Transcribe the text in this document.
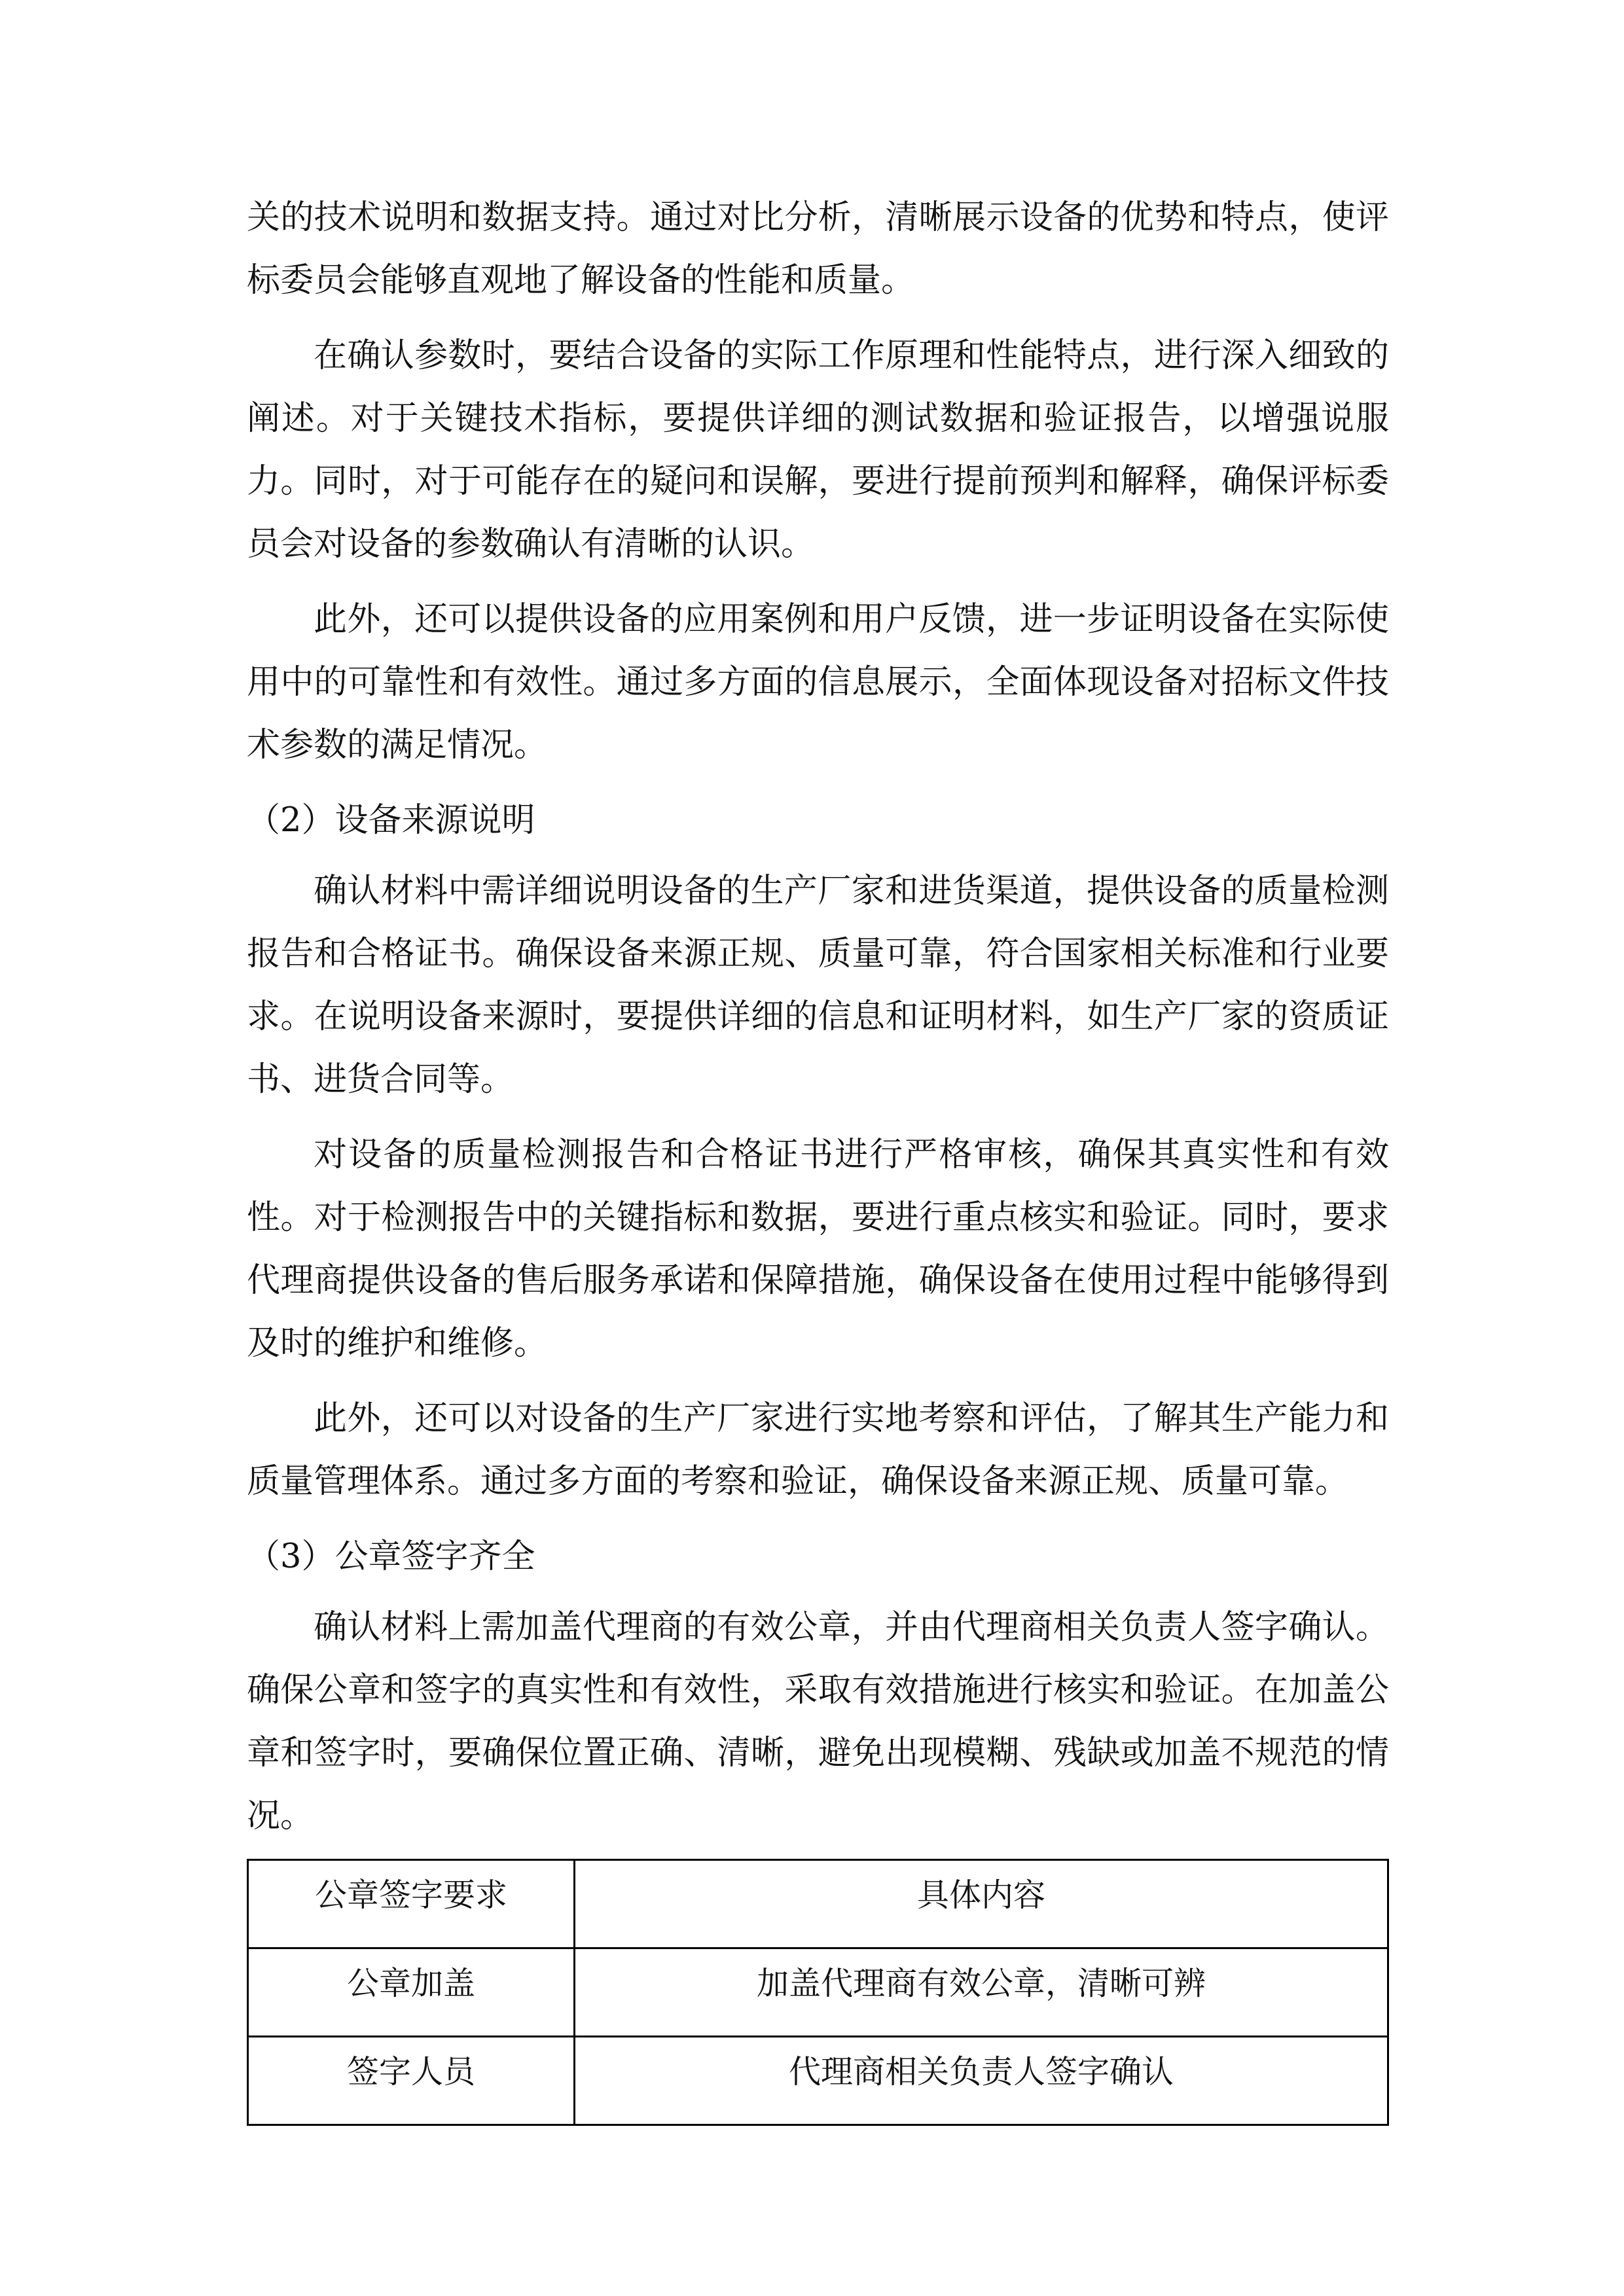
关的技术说明和数据支持。通过对比分析，清晰展示设备的优势和特点，使评
标委员会能够直观地了解设备的性能和质量。
在确认参数时，要结合设备的实际工作原理和性能特点，进行深入细致的
阐述。对于关键技术指标，要提供详细的测试数据和验证报告，以增强说服
力。同时，对于可能存在的疑问和误解，要进行提前预判和解释，确保评标委
员会对设备的参数确认有清晰的认识。
此外，还可以提供设备的应用案例和用户反馈，进一步证明设备在实际使
用中的可靠性和有效性。通过多方面的信息展示，全面体现设备对招标文件技
术参数的满足情况。
（2）设备来源说明
确认材料中需详细说明设备的生产厂家和进货渠道，提供设备的质量检测
报告和合格证书。确保设备来源正规、质量可靠，符合国家相关标准和行业要
求。在说明设备来源时，要提供详细的信息和证明材料，如生产厂家的资质证
书、进货合同等。
对设备的质量检测报告和合格证书进行严格审核，确保其真实性和有效
性。对于检测报告中的关键指标和数据，要进行重点核实和验证。同时，要求
代理商提供设备的售后服务承诺和保障措施，确保设备在使用过程中能够得到
及时的维护和维修。
此外，还可以对设备的生产厂家进行实地考察和评估，了解其生产能力和
质量管理体系。通过多方面的考察和验证，确保设备来源正规、质量可靠。
（3）公章签字齐全
确认材料上需加盖代理商的有效公章，并由代理商相关负责人签字确认。
确保公章和签字的真实性和有效性，采取有效措施进行核实和验证。在加盖公
章和签字时，要确保位置正确、清晰，避免出现模糊、残缺或加盖不规范的情
况。
公章签字要求	具体内容
公章加盖	加盖代理商有效公章，清晰可辨
签字人员	代理商相关负责人签字确认
